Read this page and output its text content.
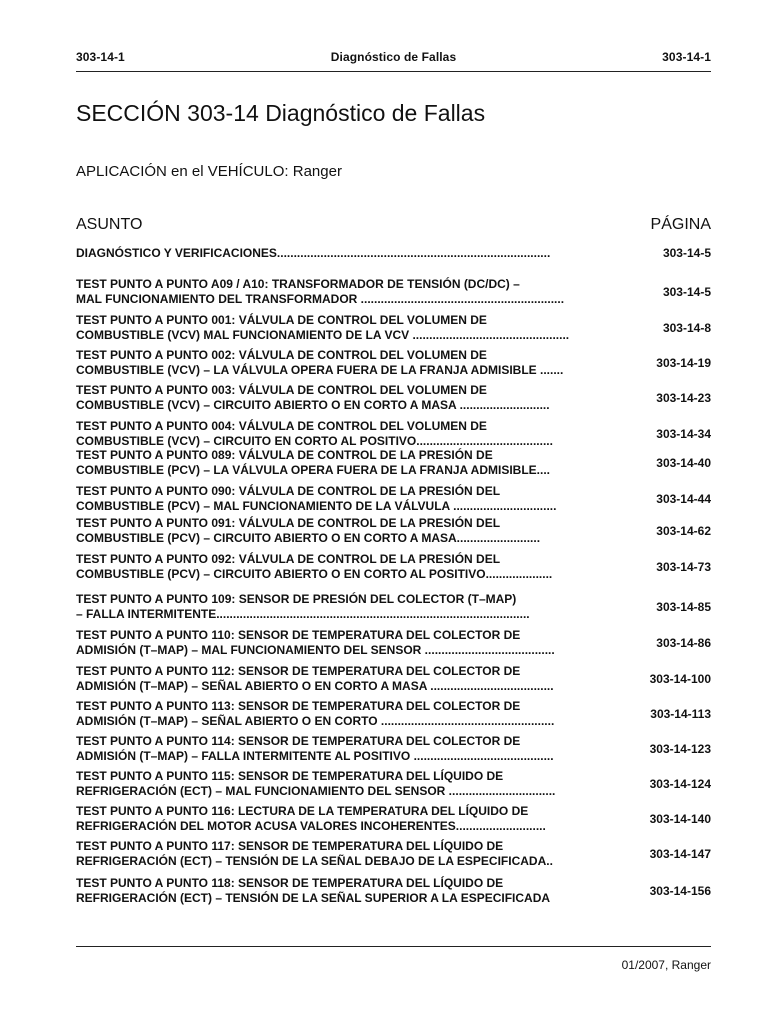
303-14-1	Diagnóstico de Fallas	303-14-1
SECCIÓN 303-14 Diagnóstico de Fallas
APLICACIÓN en el VEHÍCULO: Ranger
ASUNTO	PÁGINA
DIAGNÓSTICO Y VERIFICACIONES..................................................................................	303-14-5
TEST PUNTO A PUNTO A09 / A10: TRANSFORMADOR DE TENSIÓN (DC/DC) –
MAL FUNCIONAMIENTO DEL TRANSFORMADOR .............................................................	303-14-5
TEST PUNTO A PUNTO 001: VÁLVULA DE CONTROL DEL VOLUMEN DE
COMBUSTIBLE (VCV) MAL FUNCIONAMIENTO DE LA VCV ...............................................	303-14-8
TEST PUNTO A PUNTO 002: VÁLVULA DE CONTROL DEL VOLUMEN DE
COMBUSTIBLE (VCV) – LA VÁLVULA OPERA FUERA DE LA FRANJA ADMISIBLE .......	303-14-19
TEST PUNTO A PUNTO 003: VÁLVULA DE CONTROL DEL VOLUMEN DE
COMBUSTIBLE (VCV) – CIRCUITO ABIERTO O EN CORTO A MASA ...........................	303-14-23
TEST PUNTO A PUNTO 004: VÁLVULA DE CONTROL DEL VOLUMEN DE
COMBUSTIBLE (VCV) – CIRCUITO EN CORTO AL POSITIVO.........................................	303-14-34
TEST PUNTO A PUNTO 089: VÁLVULA DE CONTROL DE LA PRESIÓN DE
COMBUSTIBLE (PCV) – LA VÁLVULA OPERA FUERA DE LA FRANJA ADMISIBLE....	303-14-40
TEST PUNTO A PUNTO 090: VÁLVULA DE CONTROL DE LA PRESIÓN DEL
COMBUSTIBLE (PCV) – MAL FUNCIONAMIENTO DE LA VÁLVULA ...............................	303-14-44
TEST PUNTO A PUNTO 091: VÁLVULA DE CONTROL DE LA PRESIÓN DEL
COMBUSTIBLE (PCV) – CIRCUITO ABIERTO O EN CORTO A MASA.........................	303-14-62
TEST PUNTO A PUNTO 092: VÁLVULA DE CONTROL DE LA PRESIÓN DEL
COMBUSTIBLE (PCV) – CIRCUITO ABIERTO O EN CORTO AL POSITIVO....................	303-14-73
TEST PUNTO A PUNTO 109: SENSOR DE PRESIÓN DEL COLECTOR (T–MAP)
– FALLA INTERMITENTE..............................................................................................	303-14-85
TEST PUNTO A PUNTO 110: SENSOR DE TEMPERATURA DEL COLECTOR DE
ADMISIÓN (T–MAP) – MAL FUNCIONAMIENTO DEL SENSOR .......................................	303-14-86
TEST PUNTO A PUNTO 112: SENSOR DE TEMPERATURA DEL COLECTOR DE
ADMISIÓN (T–MAP) – SEÑAL ABIERTO O EN CORTO A MASA .....................................	303-14-100
TEST PUNTO A PUNTO 113: SENSOR DE TEMPERATURA DEL COLECTOR DE
ADMISIÓN (T–MAP) – SEÑAL ABIERTO O EN CORTO ....................................................	303-14-113
TEST PUNTO A PUNTO 114: SENSOR DE TEMPERATURA DEL COLECTOR DE
ADMISIÓN (T–MAP) – FALLA INTERMITENTE AL POSITIVO ..........................................	303-14-123
TEST PUNTO A PUNTO 115: SENSOR DE TEMPERATURA DEL LÍQUIDO DE
REFRIGERACIÓN (ECT) – MAL FUNCIONAMIENTO DEL SENSOR ................................	303-14-124
TEST PUNTO A PUNTO 116: LECTURA DE LA TEMPERATURA DEL LÍQUIDO DE
REFRIGERACIÓN DEL MOTOR ACUSA VALORES INCOHERENTES...........................	303-14-140
TEST PUNTO A PUNTO 117: SENSOR DE TEMPERATURA DEL LÍQUIDO DE
REFRIGERACIÓN (ECT) – TENSIÓN DE LA SEÑAL DEBAJO DE LA ESPECIFICADA..	303-14-147
TEST PUNTO A PUNTO 118: SENSOR DE TEMPERATURA DEL LÍQUIDO DE
REFRIGERACIÓN (ECT) – TENSIÓN DE LA SEÑAL SUPERIOR A LA ESPECIFICADA	303-14-156
01/2007, Ranger
